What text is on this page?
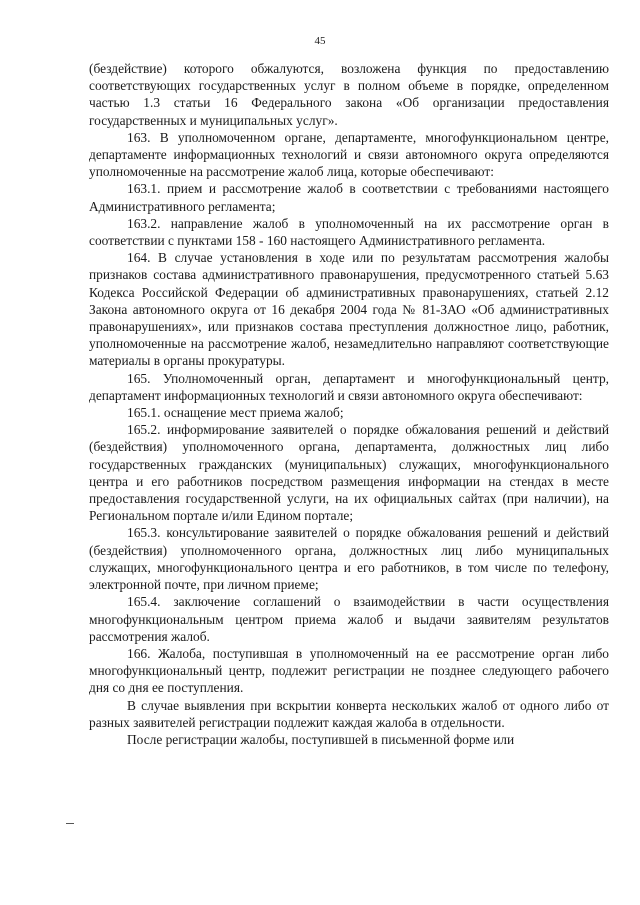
45

(бездействие) которого обжалуются, возложена функция по предоставлению соответствующих государственных услуг в полном объеме в порядке, определенном частью 1.3 статьи 16 Федерального закона «Об организации предоставления государственных и муниципальных услуг».

163. В уполномоченном органе, департаменте, многофункциональном центре, департаменте информационных технологий и связи автономного округа определяются уполномоченные на рассмотрение жалоб лица, которые обеспечивают:

163.1. прием и рассмотрение жалоб в соответствии с требованиями настоящего Административного регламента;

163.2. направление жалоб в уполномоченный на их рассмотрение орган в соответствии с пунктами 158 - 160 настоящего Административного регламента.

164. В случае установления в ходе или по результатам рассмотрения жалобы признаков состава административного правонарушения, предусмотренного статьей 5.63 Кодекса Российской Федерации об административных правонарушениях, статьей 2.12 Закона автономного округа от 16 декабря 2004 года № 81-ЗАО «Об административных правонарушениях», или признаков состава преступления должностное лицо, работник, уполномоченные на рассмотрение жалоб, незамедлительно направляют соответствующие материалы в органы прокуратуры.

165. Уполномоченный орган, департамент и многофункциональный центр, департамент информационных технологий и связи автономного округа обеспечивают:

165.1. оснащение мест приема жалоб;

165.2. информирование заявителей о порядке обжалования решений и действий (бездействия) уполномоченного органа, департамента, должностных лиц либо государственных гражданских (муниципальных) служащих, многофункционального центра и его работников посредством размещения информации на стендах в месте предоставления государственной услуги, на их официальных сайтах (при наличии), на Региональном портале и/или Едином портале;

165.3. консультирование заявителей о порядке обжалования решений и действий (бездействия) уполномоченного органа, должностных лиц либо муниципальных служащих, многофункционального центра и его работников, в том числе по телефону, электронной почте, при личном приеме;

165.4. заключение соглашений о взаимодействии в части осуществления многофункциональным центром приема жалоб и выдачи заявителям результатов рассмотрения жалоб.

166. Жалоба, поступившая в уполномоченный на ее рассмотрение орган либо многофункциональный центр, подлежит регистрации не позднее следующего рабочего дня со дня ее поступления.

В случае выявления при вскрытии конверта нескольких жалоб от одного либо от разных заявителей регистрации подлежит каждая жалоба в отдельности.

После регистрации жалобы, поступившей в письменной форме или
